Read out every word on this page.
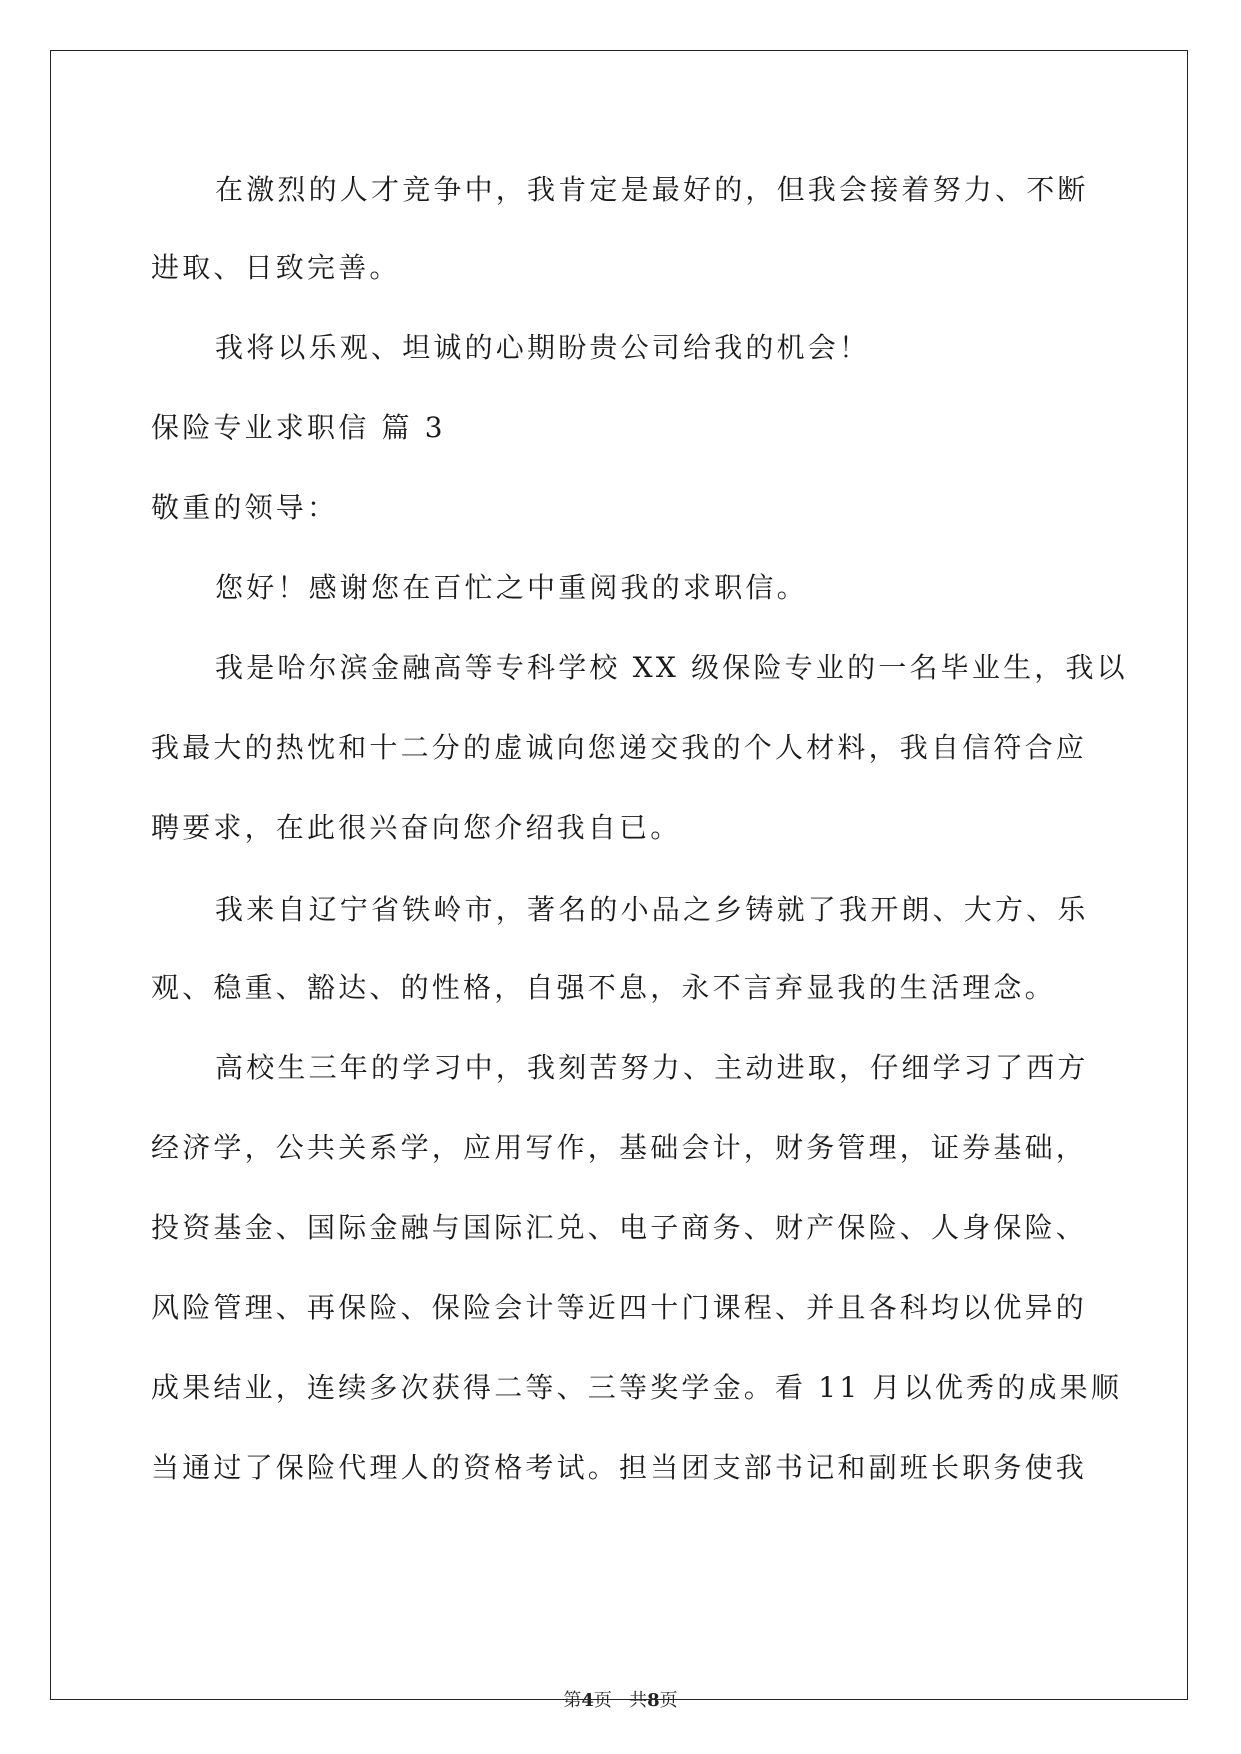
在激烈的人才竞争中，我肯定是最好的，但我会接着努力、不断
进取、日致完善。
我将以乐观、坦诚的心期盼贵公司给我的机会！
保险专业求职信 篇 3
敬重的领导：
您好！感谢您在百忙之中重阅我的求职信。
我是哈尔滨金融高等专科学校 XX 级保险专业的一名毕业生，我以
我最大的热忱和十二分的虚诚向您递交我的个人材料，我自信符合应
聘要求，在此很兴奋向您介绍我自已。
我来自辽宁省铁岭市，著名的小品之乡铸就了我开朗、大方、乐
观、稳重、豁达、的性格，自强不息，永不言弃显我的生活理念。
高校生三年的学习中，我刻苦努力、主动进取，仔细学习了西方
经济学，公共关系学，应用写作，基础会计，财务管理，证券基础，
投资基金、国际金融与国际汇兑、电子商务、财产保险、人身保险、
风险管理、再保险、保险会计等近四十门课程、并且各科均以优异的
成果结业，连续多次获得二等、三等奖学金。看 11 月以优秀的成果顺
当通过了保险代理人的资格考试。担当团支部书记和副班长职务使我
第4页 共8页
